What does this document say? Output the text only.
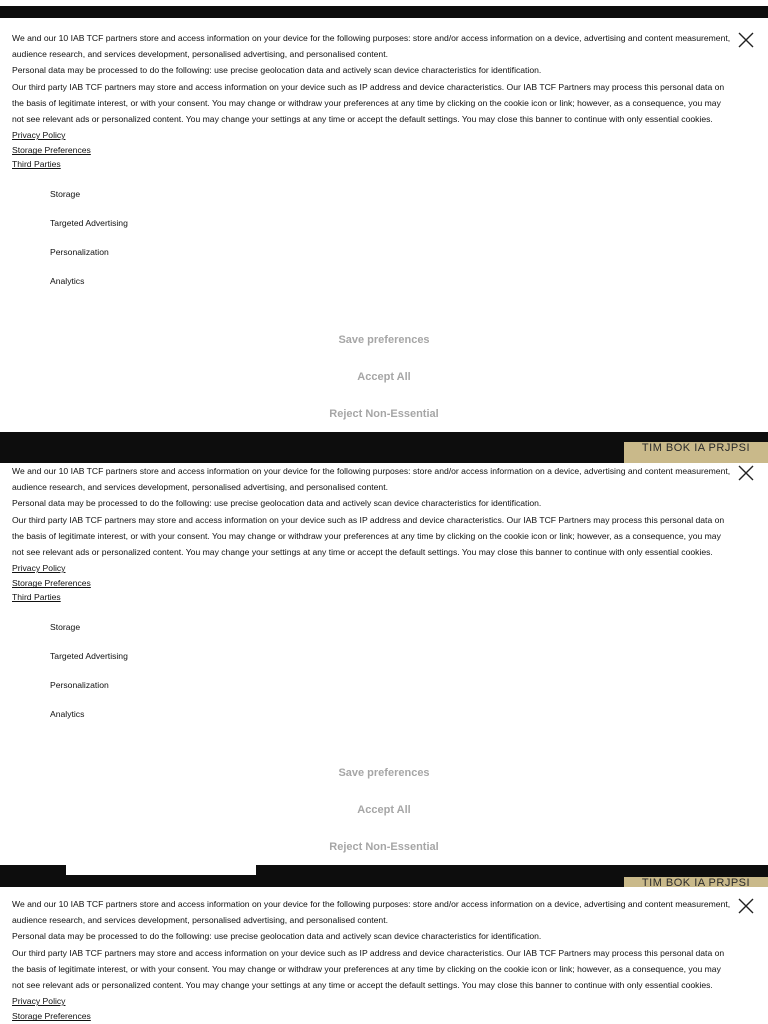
TIM BOK IA PRJPSI
TIM BOK IA PRJPSI

We and our 10 IAB TCF partners store and access information on your device for the following purposes: store and/or access information on a device, advertising and content measurement, audience research, and services development, personalised advertising, and personalised content.

Personal data may be processed to do the following: use precise geolocation data and actively scan device characteristics for identification.

Our third party IAB TCF partners may store and access information on your device such as IP address and device characteristics. Our IAB TCF Partners may process this personal data on the basis of legitimate interest, or with your consent. You may change or withdraw your preferences at any time by clicking on the cookie icon or link; however, as a consequence, you may not see relevant ads or personalized content. You may change your settings at any time or accept the default settings. You may close this banner to continue with only essential cookies. Privacy Policy

Storage Preferences
Third Parties
Storage
Targeted Advertising
Personalization
Analytics
Save preferences
Accept All
Reject Non-Essential

We and our 10 IAB TCF partners store and access information on your device for the following purposes: store and/or access information on a device, advertising and content measurement, audience research, and services development, personalised advertising, and personalised content.

Personal data may be processed to do the following: use precise geolocation data and actively scan device characteristics for identification.

Our third party IAB TCF partners may store and access information on your device such as IP address and device characteristics. Our IAB TCF Partners may process this personal data on the basis of legitimate interest, or with your consent. You may change or withdraw your preferences at any time by clicking on the cookie icon or link; however, as a consequence, you may not see relevant ads or personalized content. You may change your settings at any time or accept the default settings. You may close this banner to continue with only essential cookies. Privacy Policy

Storage Preferences
Third Parties
Storage
Targeted Advertising
Personalization
Analytics
Save preferences
Accept All
Reject Non-Essential

We and our 10 IAB TCF partners store and access information on your device for the following purposes: store and/or access information on a device, advertising and content measurement, audience research, and services development, personalised advertising, and personalised content.

Personal data may be processed to do the following: use precise geolocation data and actively scan device characteristics for identification.

Our third party IAB TCF partners may store and access information on your device such as IP address and device characteristics. Our IAB TCF Partners may process this personal data on the basis of legitimate interest, or with your consent. You may change or withdraw your preferences at any time by clicking on the cookie icon or link; however, as a consequence, you may not see relevant ads or personalized content. You may change your settings at any time or accept the default settings. You may close this banner to continue with only essential cookies. Privacy Policy

Storage Preferences
